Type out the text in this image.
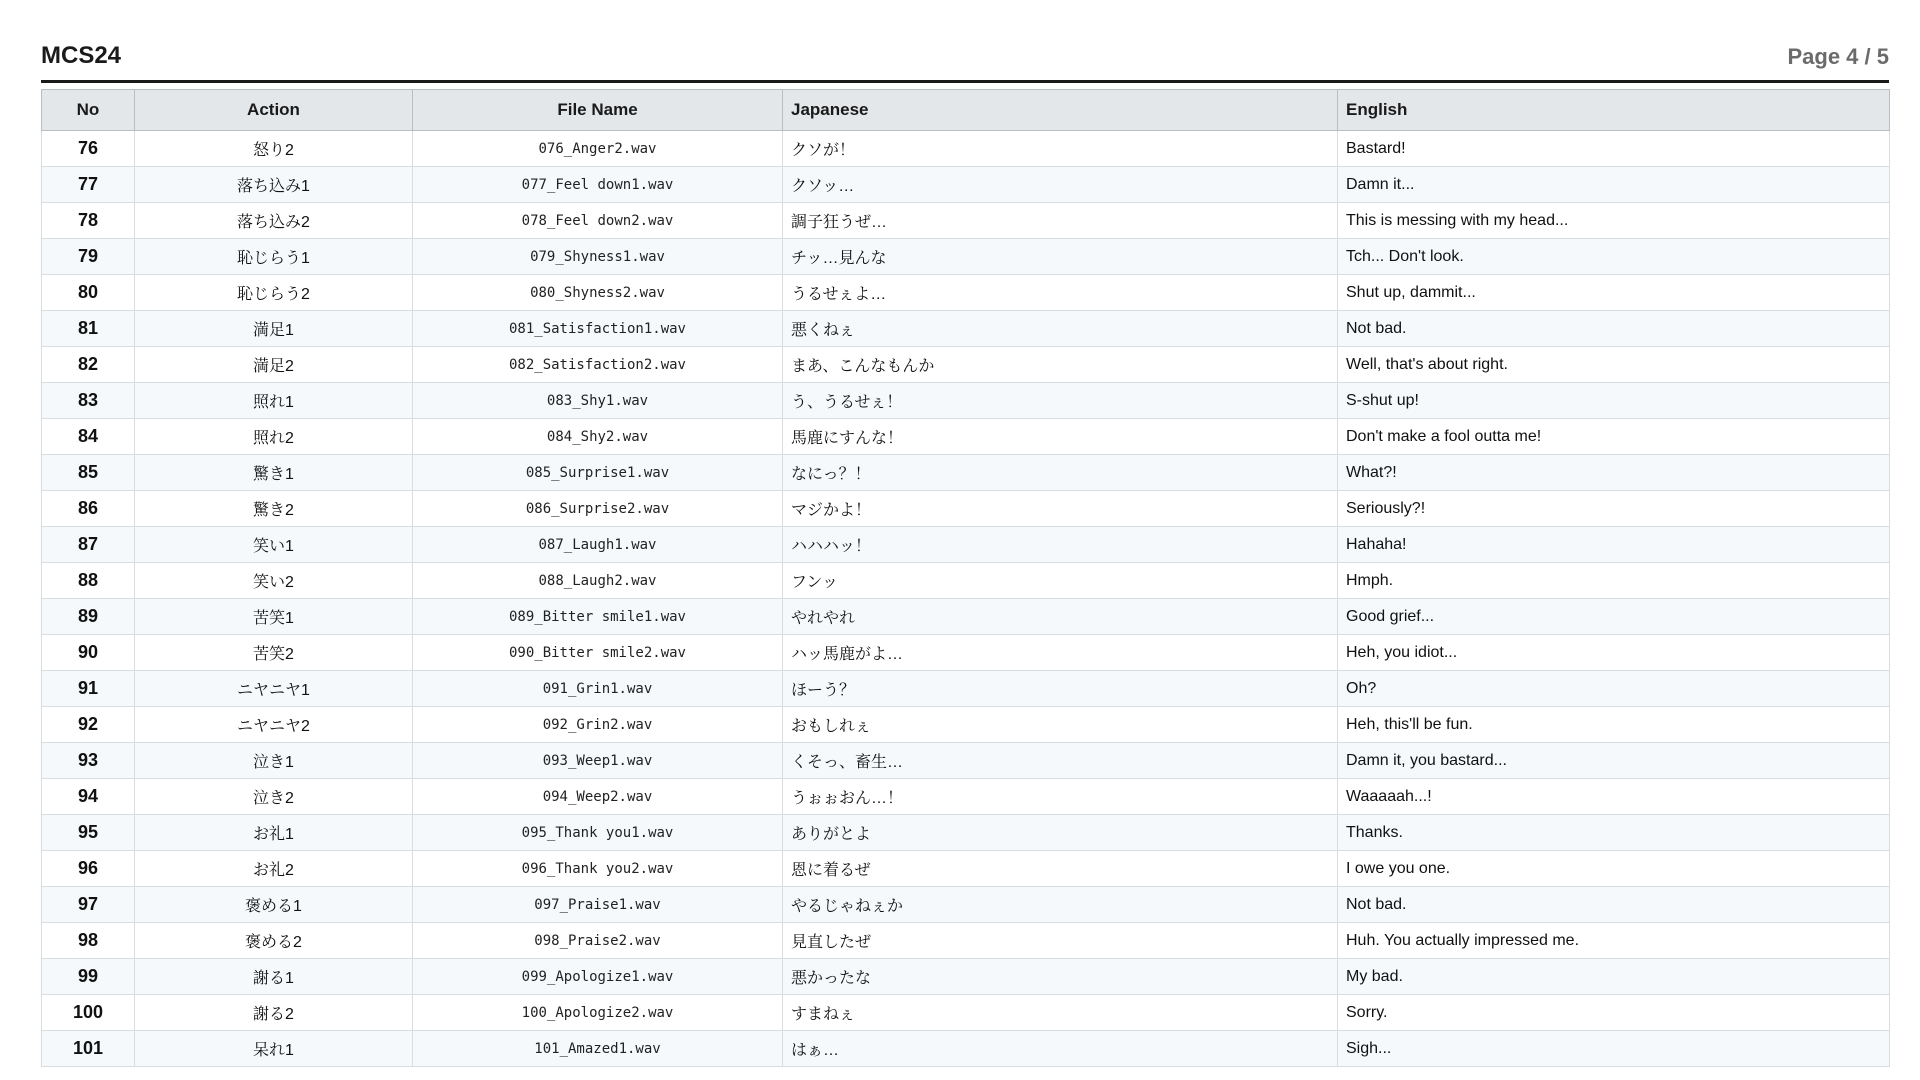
MCS24	Page 4 / 5
No	Action	File Name	Japanese	English
76	怒り2	076_Anger2.wav	クソが！	Bastard!
77	落ち込み1	077_Feel down1.wav	クソッ…	Damn it...
78	落ち込み2	078_Feel down2.wav	調子狂うぜ…	This is messing with my head...
79	恥じらう1	079_Shyness1.wav	チッ…見んな	Tch... Don't look.
80	恥じらう2	080_Shyness2.wav	うるせぇよ…	Shut up, dammit...
81	満足1	081_Satisfaction1.wav	悪くねぇ	Not bad.
82	満足2	082_Satisfaction2.wav	まあ、こんなもんか	Well, that's about right.
83	照れ1	083_Shy1.wav	う、うるせぇ！	S-shut up!
84	照れ2	084_Shy2.wav	馬鹿にすんな！	Don't make a fool outta me!
85	驚き1	085_Surprise1.wav	なにっ？！	What?!
86	驚き2	086_Surprise2.wav	マジかよ！	Seriously?!
87	笑い1	087_Laugh1.wav	ハハハッ！	Hahaha!
88	笑い2	088_Laugh2.wav	フンッ	Hmph.
89	苦笑1	089_Bitter smile1.wav	やれやれ	Good grief...
90	苦笑2	090_Bitter smile2.wav	ハッ馬鹿がよ…	Heh, you idiot...
91	ニヤニヤ1	091_Grin1.wav	ほーう？	Oh?
92	ニヤニヤ2	092_Grin2.wav	おもしれぇ	Heh, this'll be fun.
93	泣き1	093_Weep1.wav	くそっ、畜生…	Damn it, you bastard...
94	泣き2	094_Weep2.wav	うぉぉおん…！	Waaaaah...!
95	お礼1	095_Thank you1.wav	ありがとよ	Thanks.
96	お礼2	096_Thank you2.wav	恩に着るぜ	I owe you one.
97	褒める1	097_Praise1.wav	やるじゃねぇか	Not bad.
98	褒める2	098_Praise2.wav	見直したぜ	Huh. You actually impressed me.
99	謝る1	099_Apologize1.wav	悪かったな	My bad.
100	謝る2	100_Apologize2.wav	すまねぇ	Sorry.
101	呆れ1	101_Amazed1.wav	はぁ…	Sigh...
